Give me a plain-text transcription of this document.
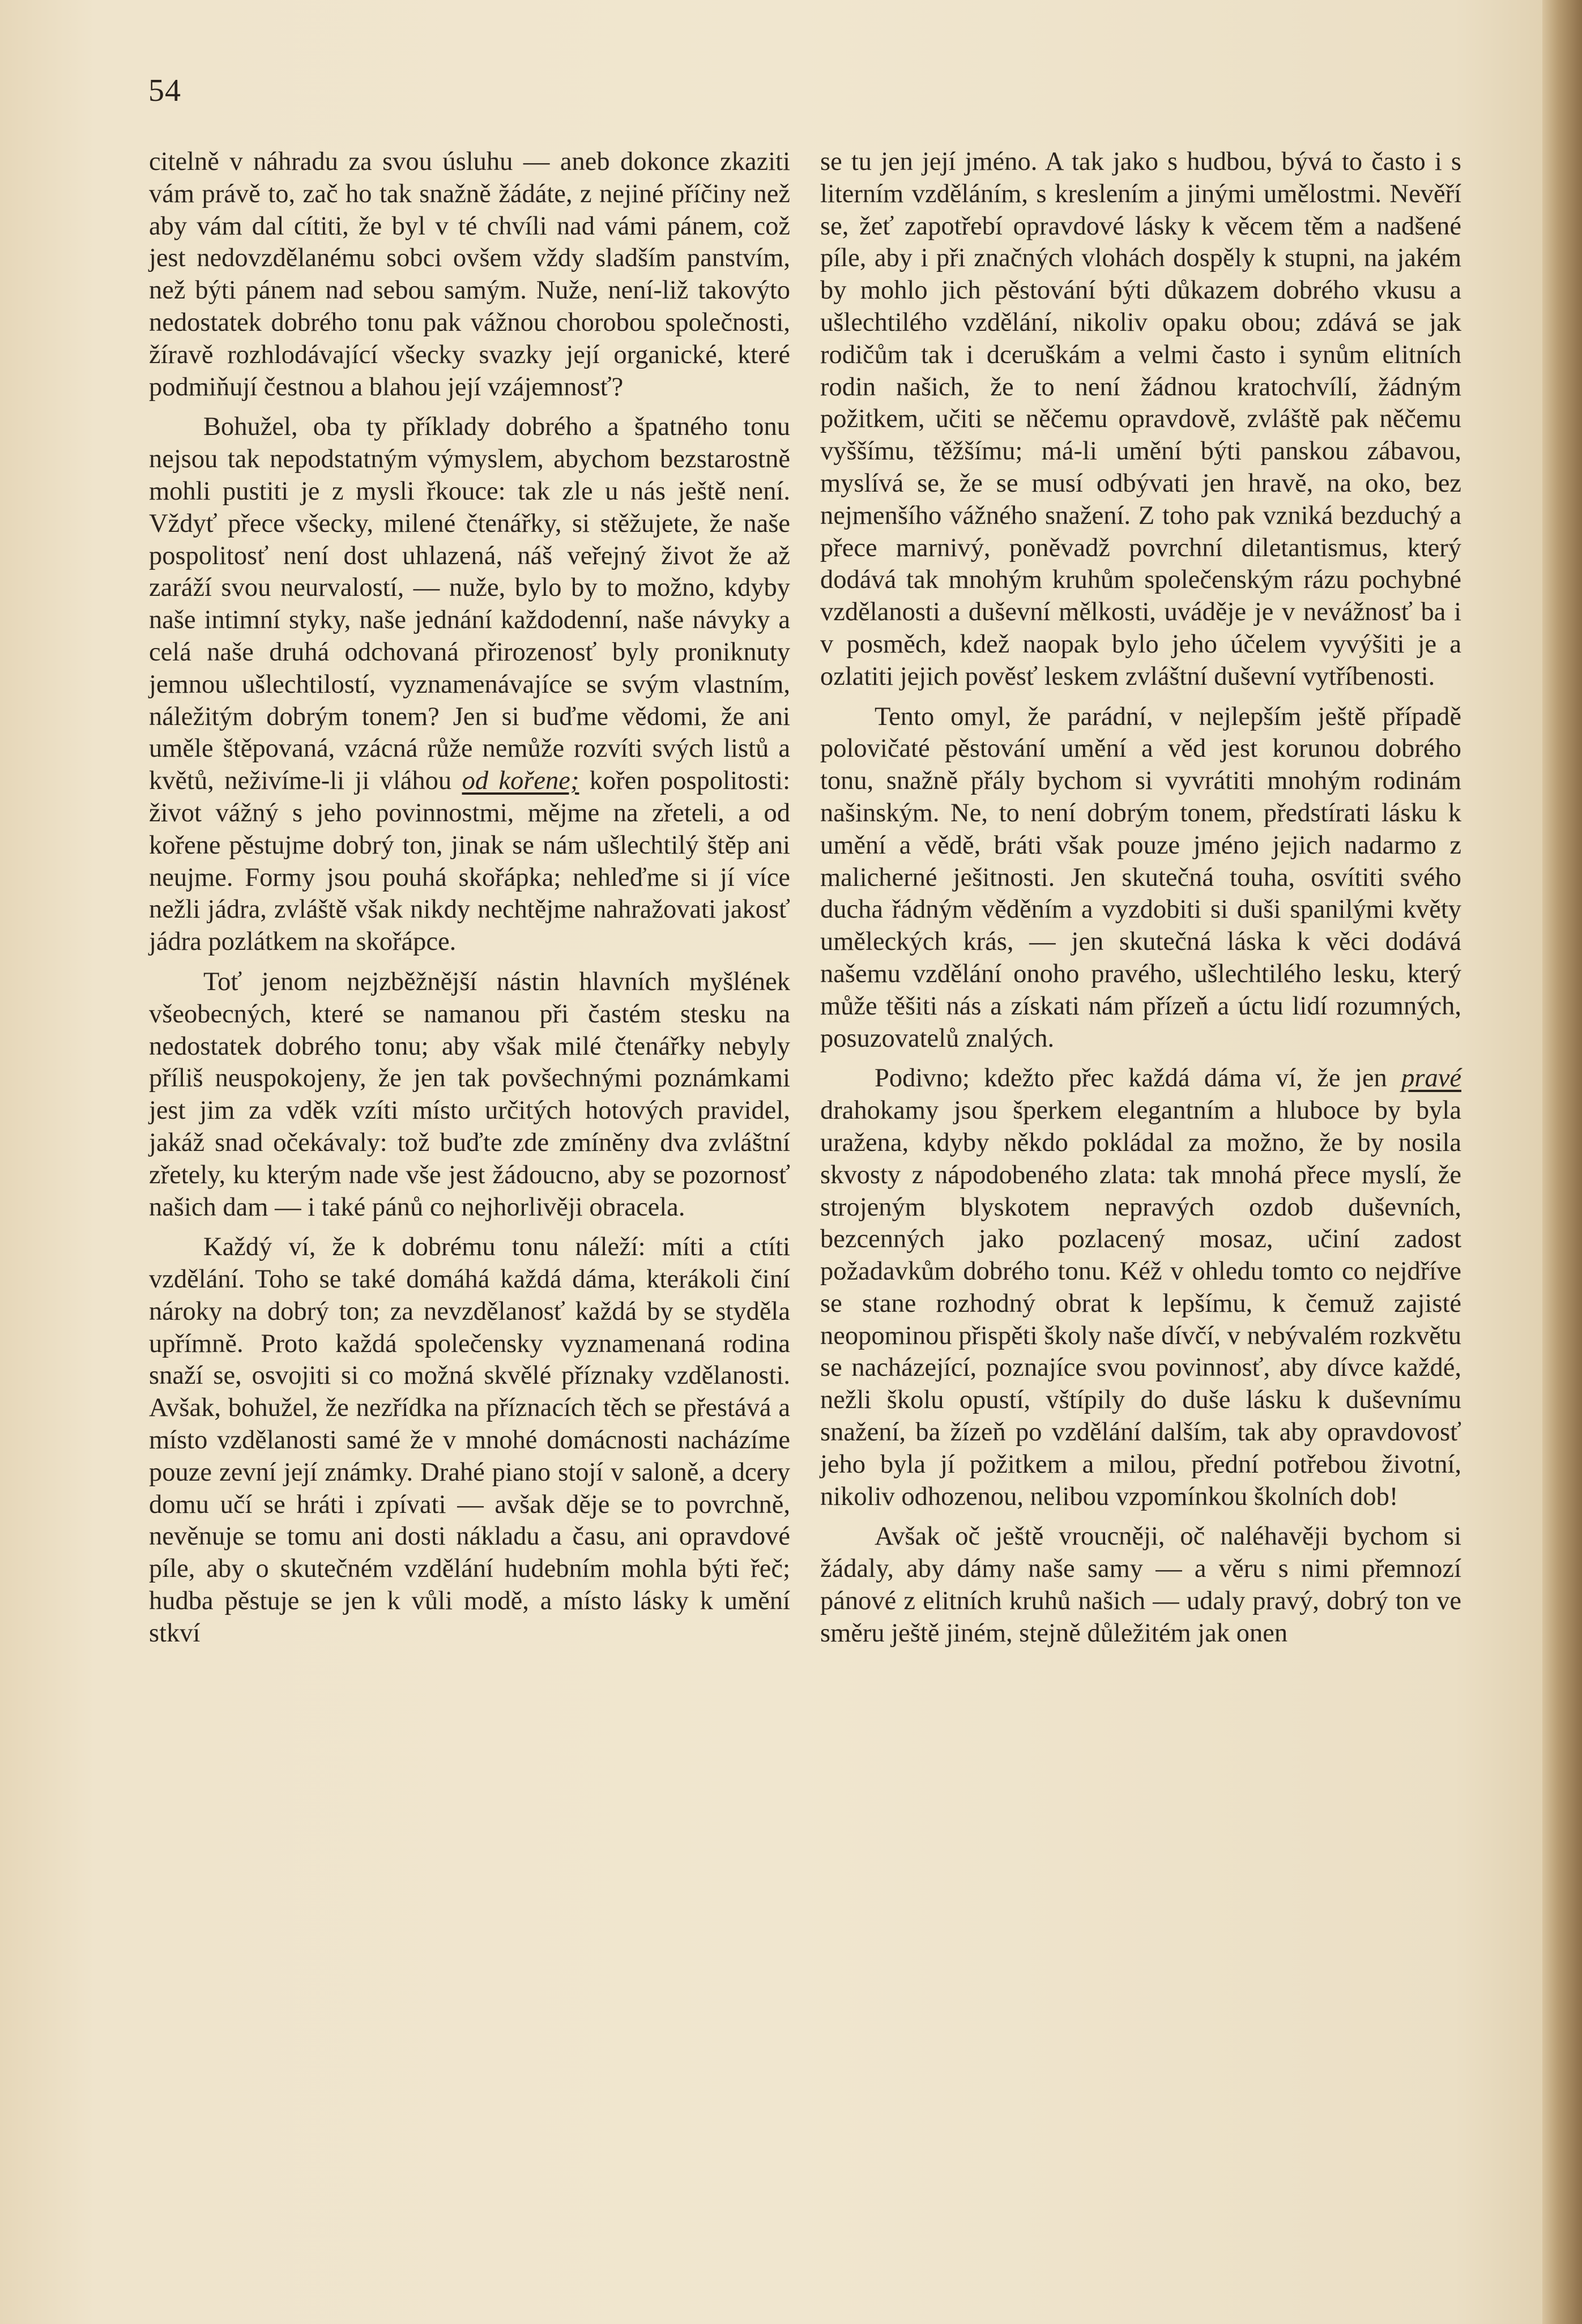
54

citelně v náhradu za svou úsluhu — aneb dokonce zkaziti vám právě to, zač ho tak snažně žádáte, z nejiné příčiny než aby vám dal cítiti, že byl v té chvíli nad vámi pánem, což jest nedovzdělanému sobci ovšem vždy sladším panstvím, než býti pánem nad sebou samým. Nuže, není-liž takovýto nedostatek dobrého tonu pak vážnou chorobou společnosti, žíravě rozhlodávající všecky svazky její organické, které podmiňují čestnou a blahou její vzájemnosť?

Bohužel, oba ty příklady dobrého a špatného tonu nejsou tak nepodstatným výmyslem, abychom bezstarostně mohli pustiti je z mysli řkouce: tak zle u nás ještě není. Vždyť přece všecky, milené čtenářky, si stěžujete, že naše pospolitosť není dost uhlazená, náš veřejný život že až zaráží svou neurvalostí, — nuže, bylo by to možno, kdyby naše intimní styky, naše jednání každodenní, naše návyky a celá naše druhá odchovaná přirozenosť byly proniknuty jemnou ušlechtilostí, vyznamenávajíce se svým vlastním, náležitým dobrým tonem? Jen si buďme vědomi, že ani uměle štěpovaná, vzácná růže nemůže rozvíti svých listů a květů, neživíme-li ji vláhou od kořene; kořen pospolitosti: život vážný s jeho povinnostmi, mějme na zřeteli, a od kořene pěstujme dobrý ton, jinak se nám ušlechtilý štěp ani neujme. Formy jsou pouhá skořápka; nehleďme si jí více nežli jádra, zvláště však nikdy nechtějme nahražovati jakosť jádra pozlátkem na skořápce.

Toť jenom nejzběžnější nástin hlavních myšlének všeobecných, které se namanou při častém stesku na nedostatek dobrého tonu; aby však milé čtenářky nebyly příliš neuspokojeny, že jen tak povšechnými poznámkami jest jim za vděk vzíti místo určitých hotových pravidel, jakáž snad očekávaly: tož buďte zde zmíněny dva zvláštní zřetely, ku kterým nade vše jest žádoucno, aby se pozornosť našich dam — i také pánů co nejhorlivěji obracela.

Každý ví, že k dobrému tonu náleží: míti a ctíti vzdělání. Toho se také domáhá každá dáma, kterákoli činí nároky na dobrý ton; za nevzdělanosť každá by se styděla upřímně. Proto každá společensky vyznamenaná rodina snaží se, osvojiti si co možná skvělé příznaky vzdělanosti. Avšak, bohužel, že nezřídka na příznacích těch se přestává a místo vzdělanosti samé že v mnohé domácnosti nacházíme pouze zevní její známky. Drahé piano stojí v saloně, a dcery domu učí se hráti i zpívati — avšak děje se to povrchně, nevěnuje se tomu ani dosti nákladu a času, ani opravdové píle, aby o skutečném vzdělání hudebním mohla býti řeč; hudba pěstuje se jen k vůli modě, a místo lásky k umění stkví

se tu jen její jméno. A tak jako s hudbou, bývá to často i s literním vzděláním, s kreslením a jinými umělostmi. Nevěří se, žeť zapotřebí opravdové lásky k věcem těm a nadšené píle, aby i při značných vlohách dospěly k stupni, na jakém by mohlo jich pěstování býti důkazem dobrého vkusu a ušlechtilého vzdělání, nikoliv opaku obou; zdává se jak rodičům tak i dceruškám a velmi často i synům elitních rodin našich, že to není žádnou kratochvílí, žádným požitkem, učiti se něčemu opravdově, zvláště pak něčemu vyššímu, těžšímu; má-li umění býti panskou zábavou, myslívá se, že se musí odbývati jen hravě, na oko, bez nejmenšího vážného snažení. Z toho pak vzniká bezduchý a přece marnivý, poněvadž povrchní diletantismus, který dodává tak mnohým kruhům společenským rázu pochybné vzdělanosti a duševní mělkosti, uváděje je v nevážnosť ba i v posměch, kdež naopak bylo jeho účelem vyvýšiti je a ozlatiti jejich pověsť leskem zvláštní duševní vytříbenosti.

Tento omyl, že parádní, v nejlepším ještě případě polovičaté pěstování umění a věd jest korunou dobrého tonu, snažně přály bychom si vyvrátiti mnohým rodinám našinským. Ne, to není dobrým tonem, předstírati lásku k umění a vědě, bráti však pouze jméno jejich nadarmo z malicherné ješitnosti. Jen skutečná touha, osvítiti svého ducha řádným věděním a vyzdobiti si duši spanilými květy uměleckých krás, — jen skutečná láska k věci dodává našemu vzdělání onoho pravého, ušlechtilého lesku, který může těšiti nás a získati nám přízeň a úctu lidí rozumných, posuzovatelů znalých.

Podivno; kdežto přec každá dáma ví, že jen pravé drahokamy jsou šperkem elegantním a hluboce by byla uražena, kdyby někdo pokládal za možno, že by nosila skvosty z nápodobeného zlata: tak mnohá přece myslí, že strojeným blyskotem nepravých ozdob duševních, bezcenných jako pozlacený mosaz, učiní zadost požadavkům dobrého tonu. Kéž v ohledu tomto co nejdříve se stane rozhodný obrat k lepšímu, k čemuž zajisté neopominou přispěti školy naše dívčí, v nebývalém rozkvětu se nacházející, poznajíce svou povinnosť, aby dívce každé, nežli školu opustí, vštípily do duše lásku k duševnímu snažení, ba žízeň po vzdělání dalším, tak aby opravdovosť jeho byla jí požitkem a milou, přední potřebou životní, nikoliv odhozenou, nelibou vzpomínkou školních dob!

Avšak oč ještě vroucněji, oč naléhavěji bychom si žádaly, aby dámy naše samy — a věru s nimi přemnozí pánové z elitních kruhů našich — udaly pravý, dobrý ton ve směru ještě jiném, stejně důležitém jak onen
